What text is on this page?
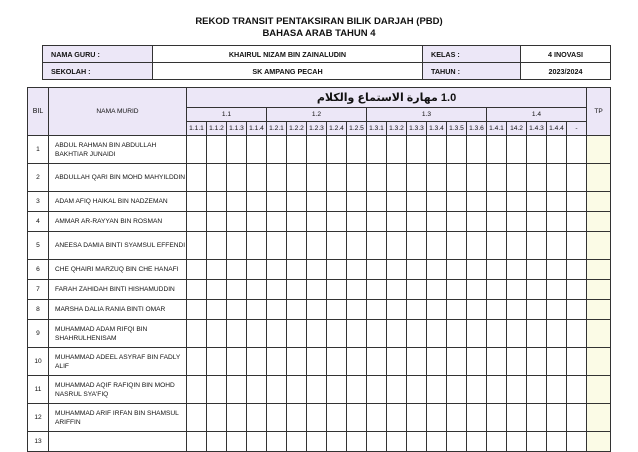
REKOD TRANSIT PENTAKSIRAN BILIK DARJAH (PBD)
BAHASA ARAB TAHUN 4
NAMA GURU :	KHAIRUL NIZAM BIN ZAINALUDIN	KELAS :	4 INOVASI
SEKOLAH :	SK AMPANG PECAH	TAHUN :	2023/2024
BIL	NAMA MURID	1.0 مهارة الاستماع والكلام																				TP
		1.1				1.2					1.3						1.4					
		1.1.1	1.1.2	1.1.3	1.1.4	1.2.1	1.2.2	1.2.3	1.2.4	1.2.5	1.3.1	1.3.2	1.3.3	1.3.4	1.3.5	1.3.6	1.4.1	14.2	1.4.3	1.4.4	-	
1	ABDUL RAHMAN BIN ABDULLAH BAKHTIAR JUNAIDI																					
2	ABDULLAH QARI BIN MOHD MAHYILDDIN																					
3	ADAM AFIQ HAIKAL BIN NADZEMAN																					
4	AMMAR AR-RAYYAN BIN ROSMAN																					
5	ANEESA DAMIA BINTI SYAMSUL EFFENDI																					
6	CHE QHAIRI MARZUQ BIN CHE HANAFI																					
7	FARAH ZAHIDAH BINTI HISHAMUDDIN																					
8	MARSHA DALIA RANIA BINTI OMAR																					
9	MUHAMMAD ADAM RIFQI BIN SHAHRULHENISAM																					
10	MUHAMMAD ADEEL ASYRAF BIN FADLY ALIF																					
11	MUHAMMAD AQIF RAFIQIN BIN MOHD NASRUL SYA'FIQ																					
12	MUHAMMAD ARIF IRFAN BIN SHAMSUL ARIFFIN																					
13																						
